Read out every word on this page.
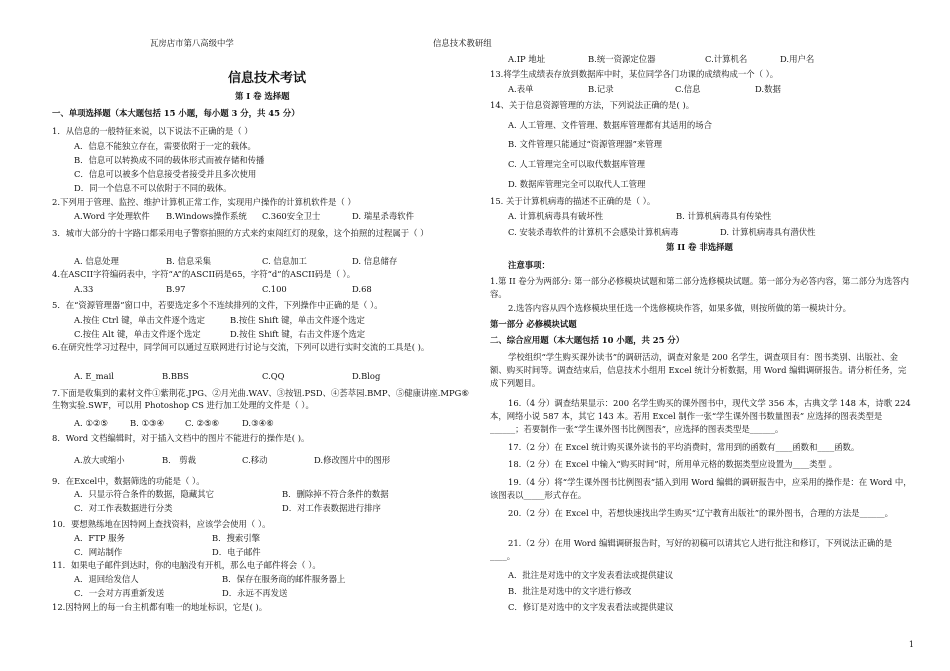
瓦房店市第八高级中学	信息技术教研组
信息技术考试
第 I 卷 选择题
一、单项选择题（本大题包括 15 小题，每小题 3 分，共 45 分）
1．从信息的一般特征来说，以下说法不正确的是（ ）
A．信息不能独立存在，需要依附于一定的载体。
B．信息可以转换成不同的载体形式而被存储和传播
C．信息可以被多个信息接受者接受并且多次使用
D．同一个信息不可以依附于不同的载体。
2.下列用于管理、监控、维护计算机正常工作，实现用户操作的计算机软件是（ ）
A.Word 字处理软件 B.Windows操作系统 C.360安全卫士	D. 瑞星杀毒软件
3．城市大部分的十字路口都采用电子警察拍照的方式来约束闯红灯的现象，这个拍照的过程属于（ ）
A. 信息处理	B. 信息采集	C. 信息加工	D. 信息储存
4.在ASCII字符编码表中，字符“A”的ASCII码是65，字符“d”的ASCII码是（ ）。
A.33	B.97	C.100	D.68
5．在“资源管理器”窗口中，若要选定多个不连续排列的文件，下列操作中正确的是（ ）。
A.按住 Ctrl 键，单击文件逐个选定	B.按住 Shift 键，单击文件逐个选定
C.按住 Alt 键，单击文件逐个选定	D.按住 Shift 键，右击文件逐个选定
6.在研究性学习过程中，同学间可以通过互联网进行讨论与交流，下列可以进行实时交流的工具是( )。
A. E_mail	B.BBS	C.QQ	D.Blog
7.下面是收集到的素材文件①紫荆花.JPG、②月光曲.WAV、③按钮.PSD、④荟萃园.BMP、⑤健康讲座.MPG⑥ 生物实验.SWF，可以用 Photoshop CS 进行加工处理的文件是（ ）。
A. ①②⑤	B. ①③④ C. ②⑤⑥	D.③④⑥
8．Word 文档编辑时，对于插入文档中的图片不能进行的操作是( )。
A.放大或缩小	B． 剪裁	C.移动	D.修改图片中的图形
9．在Excel中，数据筛选的功能是（ ）。
A．只显示符合条件的数据，隐藏其它	B．删除掉不符合条件的数据
C．对工作表数据进行分类	D．对工作表数据进行排序
10．要想熟练地在因特网上查找资料，应该学会使用（ ）。
A．FTP 服务	B．搜索引擎
C．网站制作	D．电子邮件
11．如果电子邮件到达时，你的电脑没有开机，那么电子邮件将会（ ）。
A．退回给发信人	B．保存在服务商的邮件服务器上
C．一会对方再重新发送	D．永远不再发送
12.因特网上的每一台主机都有唯一的地址标识，它是( )。
A.IP 地址	B.统一资源定位器	C.计算机名	D.用户名
13.将学生成绩表存放到数据库中时，某位同学各门功课的成绩构成一个（ ）。
A.表单	B.记录	C.信息	D.数据
14、关于信息资源管理的方法，下列说法正确的是( )。
A. 人工管理、文件管理、数据库管理都有其适用的场合
B. 文件管理只能通过“资源管理器”来管理
C. 人工管理完全可以取代数据库管理
D. 数据库管理完全可以取代人工管理
15. 关于计算机病毒的描述不正确的是（ ）。
A. 计算机病毒具有破坏性	B. 计算机病毒具有传染性
C. 安装杀毒软件的计算机不会感染计算机病毒	D. 计算机病毒具有潜伏性
第 II 卷 非选择题
注意事项：
1.第 II 卷分为两部分: 第一部分必修模块试题和第二部分选修模块试题。第一部分为必答内容，第二部分为选答内容。
2.选答内容从四个选修模块里任选一个选修模块作答，如果多做，则按所做的第一模块计分。
第一部分 必修模块试题
二、综合应用题（本大题包括 10 小题，共 25 分）
学校组织“学生购买课外读书”的调研活动，调查对象是 200 名学生，调查项目有：图书类别、出版社、金额、购买时间等。调查结束后，信息技术小组用 Excel 统计分析数据，用 Word 编辑调研报告。请分析任务，完成下列题目。
16.（4 分）调查结果显示：200 名学生购买的课外图书中，现代文学 356 本，古典文学 148 本，诗歌 224 本，网络小说 587 本，其它 143 本。若用 Excel 制作一张“学生课外图书数量图表” 应选择的图表类型是______；若要制作一张“学生课外图书比例图表”，应选择的图表类型是______。
17.（2 分）在 Excel 统计购买课外读书的平均消费时，常用到的函数有____函数和____函数。
18.（2 分）在 Excel 中输入“购买时间”时，所用单元格的数据类型应设置为____类型 。
19.（4 分）将“学生课外图书比例图表”插入到用 Word 编辑的调研报告中，应采用的操作是：在 Word 中，该图表以_____形式存在。
20.（2 分）在 Excel 中，若想快速找出学生购买“辽宁教育出版社”的课外图书，合理的方法是______。
21.（2 分）在用 Word 编辑调研报告时，写好的初稿可以请其它人进行批注和修订，下列说法正确的是____。
A．批注是对选中的文字发表看法或提供建议
B．批注是对选中的文字进行修改
C．修订是对选中的文字发表看法或提供建议
1
